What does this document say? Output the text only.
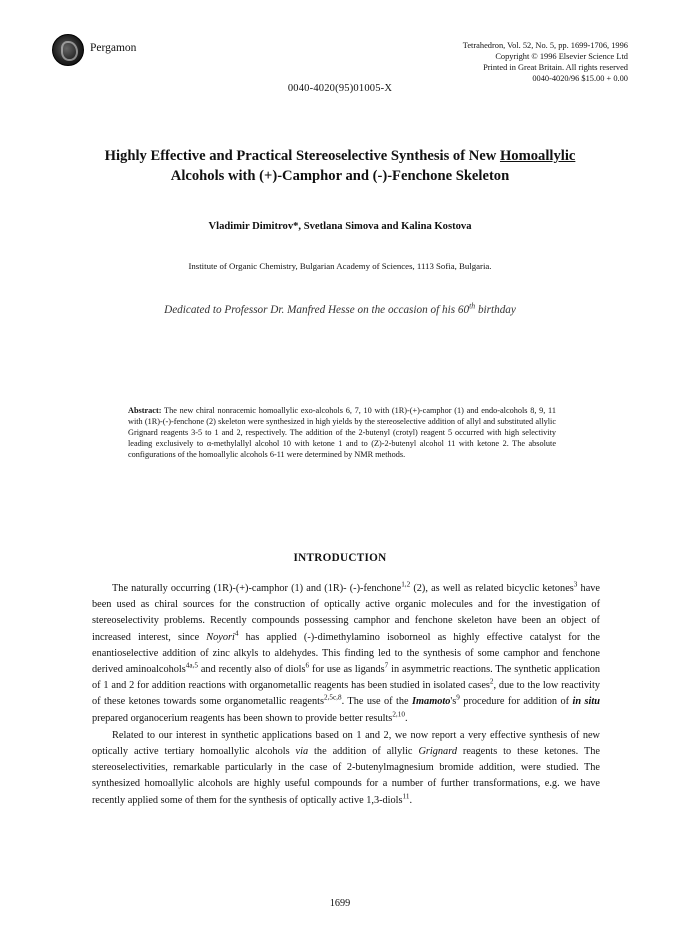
Pergamon	Tetrahedron, Vol. 52, No. 5, pp. 1699-1706, 1996
Copyright © 1996 Elsevier Science Ltd
Printed in Great Britain. All rights reserved
0040-4020/96 $15.00 + 0.00
0040-4020(95)01005-X
Highly Effective and Practical Stereoselective Synthesis of New Homoallylic
Alcohols with (+)-Camphor and (-)-Fenchone Skeleton
Vladimir Dimitrov*, Svetlana Simova and Kalina Kostova
Institute of Organic Chemistry, Bulgarian Academy of Sciences, 1113 Sofia, Bulgaria.
Dedicated to Professor Dr. Manfred Hesse on the occasion of his 60th birthday

Abstract: The new chiral nonracemic homoallylic exo-alcohols 6, 7, 10 with (1R)-(+)-camphor (1) and endo-alcohols 8, 9, 11 with (1R)-(-)-fenchone (2) skeleton were synthesized in high yields by the stereoselective addition of allyl and substituted allylic Grignard reagents 3-5 to 1 and 2, respectively. The addition of the 2-butenyl (crotyl) reagent 5 occurred with high selectivity leading exclusively to α-methylallyl alcohol 10 with ketone 1 and to (Z)-2-butenyl alcohol 11 with ketone 2. The absolute configurations of the homoallylic alcohols 6-11 were determined by NMR methods.

INTRODUCTION

The naturally occurring (1R)-(+)-camphor (1) and (1R)- (-)-fenchone$^{1,2}$ (2), as well as related bicyclic ketones$^3$ have been used as chiral sources for the construction of optically active organic molecules and for the investigation of stereoselectivity problems. Recently compounds possessing camphor and fenchone skeleton have been an object of increased interest, since Noyori$^4$ has applied (-)-dimethylamino isoborneol as highly effective catalyst for the enantioselective addition of zinc alkyls to aldehydes. This finding led to the synthesis of some camphor and fenchone derived aminoalcohols$^{4a,5}$ and recently also of diols$^6$ for use as ligands$^7$ in asymmetric reactions. The synthetic application of 1 and 2 for addition reactions with organometallic reagents has been studied in isolated cases$^2$, due to the low reactivity of these ketones towards some organometallic reagents$^{2,5c,8}$. The use of the $Imamoto's^9$ procedure for addition of in situ prepared organocerium reagents has been shown to provide better results$^{2,10}$.

Related to our interest in synthetic applications based on 1 and 2, we now report a very effective synthesis of new optically active tertiary homoallylic alcohols via the addition of allylic Grignard reagents to these ketones. The stereoselectivities, remarkable particularly in the case of 2-butenylmagnesium bromide addition, were studied. The synthesized homoallylic alcohols are highly useful compounds for a number of further transformations, e.g. we have recently applied some of them for the synthesis of optically active 1,3-diols$^{11}$.

1699
